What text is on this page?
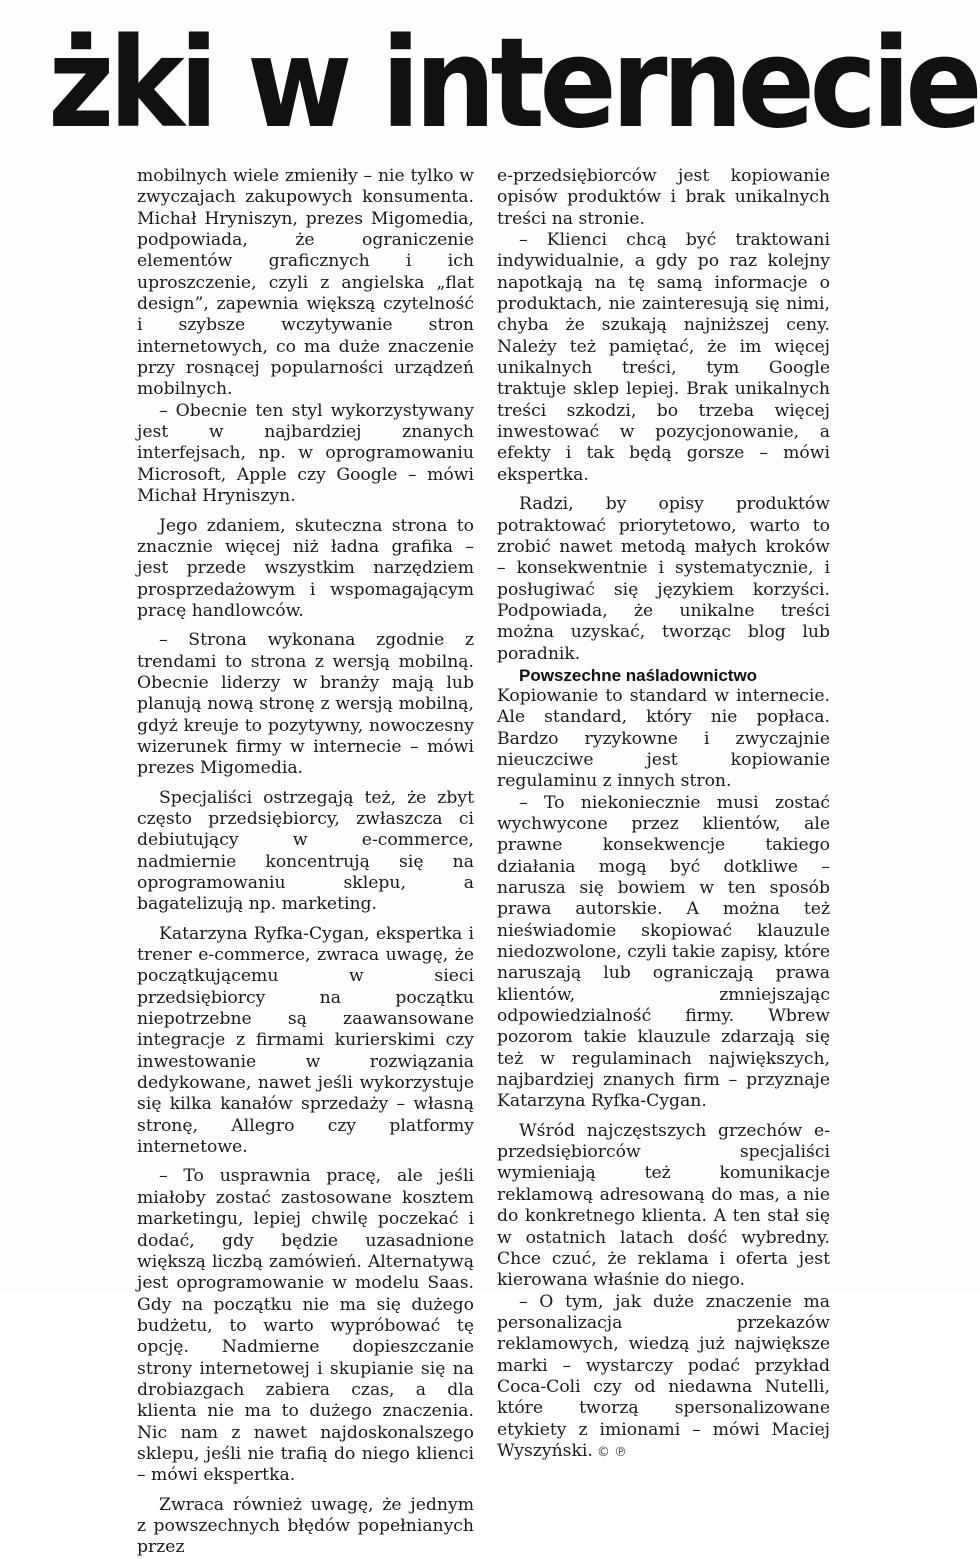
żki w internecie

mobilnych wiele zmieniły – nie tylko w zwyczajach zakupowych konsumenta. Michał Hryniszyn, prezes Migomedia, podpowiada, że ograniczenie elementów graficznych i ich uproszczenie, czyli z angielska „flat design”, zapewnia większą czytelność i szybsze wczytywanie stron internetowych, co ma duże znaczenie przy rosnącej popularności urządzeń mobilnych.

– Obecnie ten styl wykorzystywany jest w najbardziej znanych interfejsach, np. w oprogramowaniu Microsoft, Apple czy Google – mówi Michał Hryniszyn.

Jego zdaniem, skuteczna strona to znacznie więcej niż ładna grafika – jest przede wszystkim narzędziem prosprzedażowym i wspomagającym pracę handlowców.

– Strona wykonana zgodnie z trendami to strona z wersją mobilną. Obecnie liderzy w branży mają lub planują nową stronę z wersją mobilną, gdyż kreuje to pozytywny, nowoczesny wizerunek firmy w internecie – mówi prezes Migomedia.

Specjaliści ostrzegają też, że zbyt często przedsiębiorcy, zwłaszcza ci debiutujący w e-commerce, nadmiernie koncentrują się na oprogramowaniu sklepu, a bagatelizują np. marketing.

Katarzyna Ryfka-Cygan, ekspertka i trener e-commerce, zwraca uwagę, że początkującemu w sieci przedsiębiorcy na początku niepotrzebne są zaawansowane integracje z firmami kurierskimi czy inwestowanie w rozwiązania dedykowane, nawet jeśli wykorzystuje się kilka kanałów sprzedaży – własną stronę, Allegro czy platformy internetowe.

– To usprawnia pracę, ale jeśli miałoby zostać zastosowane kosztem marketingu, lepiej chwilę poczekać i dodać, gdy będzie uzasadnione większą liczbą zamówień. Alternatywą jest oprogramowanie w modelu Saas. Gdy na początku nie ma się dużego budżetu, to warto wypróbować tę opcję. Nadmierne dopieszczanie strony internetowej i skupianie się na drobiazgach zabiera czas, a dla klienta nie ma to dużego znaczenia. Nic nam z nawet najdoskonalszego sklepu, jeśli nie trafią do niego klienci – mówi ekspertka.

Zwraca również uwagę, że jednym z powszechnych błędów popełnianych przez

e-przedsiębiorców jest kopiowanie opisów produktów i brak unikalnych treści na stronie.

– Klienci chcą być traktowani indywidualnie, a gdy po raz kolejny napotkają na tę samą informacje o produktach, nie zainteresują się nimi, chyba że szukają najniższej ceny. Należy też pamiętać, że im więcej unikalnych treści, tym Google traktuje sklep lepiej. Brak unikalnych treści szkodzi, bo trzeba więcej inwestować w pozycjonowanie, a efekty i tak będą gorsze – mówi ekspertka.

Radzi, by opisy produktów potraktować priorytetowo, warto to zrobić nawet metodą małych kroków – konsekwentnie i systematycznie, i posługiwać się językiem korzyści. Podpowiada, że unikalne treści można uzyskać, tworząc blog lub poradnik.

Powszechne naśladownictwo

Kopiowanie to standard w internecie. Ale standard, który nie popłaca. Bardzo ryzykowne i zwyczajnie nieuczciwe jest kopiowanie regulaminu z innych stron.

– To niekoniecznie musi zostać wychwycone przez klientów, ale prawne konsekwencje takiego działania mogą być dotkliwe – narusza się bowiem w ten sposób prawa autorskie. A można też nieświadomie skopiować klauzule niedozwolone, czyli takie zapisy, które naruszają lub ograniczają prawa klientów, zmniejszając odpowiedzialność firmy. Wbrew pozorom takie klauzule zdarzają się też w regulaminach największych, najbardziej znanych firm – przyznaje Katarzyna Ryfka-Cygan.

Wśród najczęstszych grzechów e-przedsiębiorców specjaliści wymieniają też komunikacje reklamową adresowaną do mas, a nie do konkretnego klienta. A ten stał się w ostatnich latach dość wybredny. Chce czuć, że reklama i oferta jest kierowana właśnie do niego.

– O tym, jak duże znaczenie ma personalizacja przekazów reklamowych, wiedzą już największe marki – wystarczy podać przykład Coca-Coli czy od niedawna Nutelli, które tworzą spersonalizowane etykiety z imionami – mówi Maciej Wyszyński. © ℗
